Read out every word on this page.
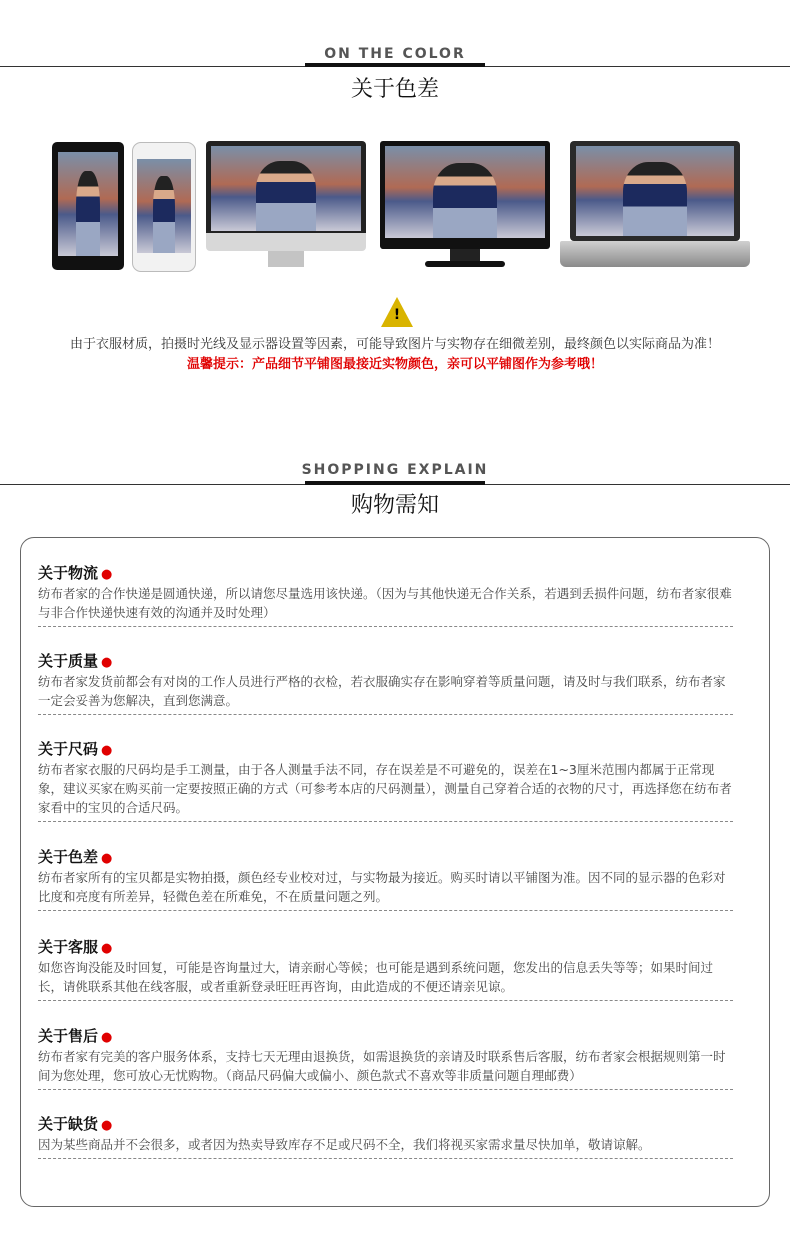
ON THE COLOR
关于色差
!
由于衣服材质，拍摄时光线及显示器设置等因素，可能导致图片与实物存在细微差别，最终颜色以实际商品为准！
温馨提示：产品细节平铺图最接近实物颜色，亲可以平铺图作为参考哦！
SHOPPING EXPLAIN
购物需知
关于物流 ●
纺布者家的合作快递是圆通快递，所以请您尽量选用该快递。（因为与其他快递无合作关系，若遇到丢损件问题，纺布者家很难与非合作快递快速有效的沟通并及时处理）
关于质量 ●
纺布者家发货前都会有对岗的工作人员进行严格的衣检，若衣服确实存在影响穿着等质量问题，请及时与我们联系，纺布者家一定会妥善为您解决，直到您满意。
关于尺码 ●
纺布者家衣服的尺码均是手工测量，由于各人测量手法不同，存在误差是不可避免的，误差在1~3厘米范围内都属于正常现象，建议买家在购买前一定要按照正确的方式（可参考本店的尺码测量），测量自己穿着合适的衣物的尺寸，再选择您在纺布者家看中的宝贝的合适尺码。
关于色差 ●
纺布者家所有的宝贝都是实物拍摄，颜色经专业校对过，与实物最为接近。购买时请以平铺图为准。因不同的显示器的色彩对比度和亮度有所差异，轻微色差在所难免，不在质量问题之列。
关于客服 ●
如您咨询没能及时回复，可能是咨询量过大，请亲耐心等候；也可能是遇到系统问题，您发出的信息丢失等等；如果时间过长，请佻联系其他在线客服，或者重新登录旺旺再咨询，由此造成的不便还请亲见谅。
关于售后 ●
纺布者家有完美的客户服务体系，支持七天无理由退换货，如需退换货的亲请及时联系售后客服，纺布者家会根据规则第一时间为您处理，您可放心无忧购物。（商品尺码偏大或偏小、颜色款式不喜欢等非质量问题自理邮费）
关于缺货 ●
因为某些商品并不会很多，或者因为热卖导致库存不足或尺码不全，我们将视买家需求量尽快加单，敬请谅解。
